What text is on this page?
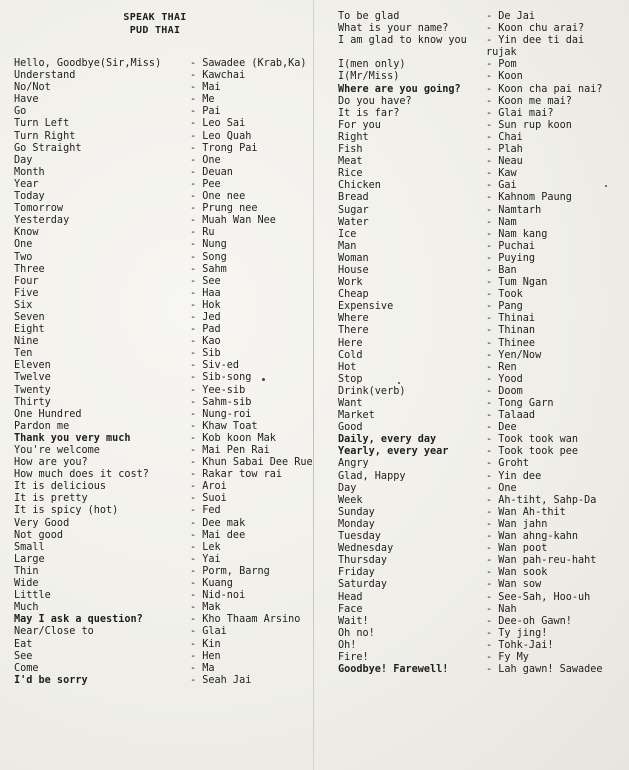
SPEAK THAI
PUD THAI
Hello, Goodbye(Sir,Miss)	- Sawadee (Krab,Ka)
Understand	- Kawchai
No/Not	- Mai
Have	- Me
Go	- Pai
Turn Left	- Leo Sai
Turn Right	- Leo Quah
Go Straight	- Trong Pai
Day	- One
Month	- Deuan
Year	- Pee
Today	- One nee
Tomorrow	- Prung nee
Yesterday	- Muah Wan Nee
Know	- Ru
One	- Nung
Two	- Song
Three	- Sahm
Four	- See
Five	- Haa
Six	- Hok
Seven	- Jed
Eight	- Pad
Nine	- Kao
Ten	- Sib
Eleven	- Siv-ed
Twelve	- Sib-song
Twenty	- Yee-sib
Thirty	- Sahm-sib
One Hundred	- Nung-roi
Pardon me	- Khaw Toat
Thank you very much	- Kob koon Mak
You're welcome	- Mai Pen Rai
How are you?	- Khun Sabai Dee Rue
How much does it cost?	- Rakar tow rai
It is delicious	- Aroi
It is pretty	- Suoi
It is spicy (hot)	- Fed
Very Good	- Dee mak
Not good	- Mai dee
Small	- Lek
Large	- Yai
Thin	- Porm, Barng
Wide	- Kuang
Little	- Nid-noi
Much	- Mak
May I ask a question?	- Kho Thaam Arsino
Near/Close to	- Glai
Eat	- Kin
See	- Hen
Come	- Ma
I'd be sorry	- Seah Jai
To be glad	- De Jai
What is your name?	- Koon chu arai?
I am glad to know you	- Yin dee ti dai
rujak
I(men only)	- Pom
I(Mr/Miss)	- Koon
Where are you going?	- Koon cha pai nai?
Do you have?	- Koon me mai?
It is far?	- Glai mai?
For you	- Sun rup koon
Right	- Chai
Fish	- Plah
Meat	- Neau
Rice	- Kaw
Chicken	- Gai
Bread	- Kahnom Paung
Sugar	- Namtarh
Water	- Nam
Ice	- Nam kang
Man	- Puchai
Woman	- Puying
House	- Ban
Work	- Tum Ngan
Cheap	- Took
Expensive	- Pang
Where	- Thinai
There	- Thinan
Here	- Thinee
Cold	- Yen/Now
Hot	- Ren
Stop	- Yood
Drink(verb)	- Doom
Want	- Tong Garn
Market	- Talaad
Good	- Dee
Daily, every day	- Took took wan
Yearly, every year	- Took took pee
Angry	- Groht
Glad, Happy	- Yin dee
Day	- One
Week	- Ah-tiht, Sahp-Da
Sunday	- Wan Ah-thit
Monday	- Wan jahn
Tuesday	- Wan ahng-kahn
Wednesday	- Wan poot
Thursday	- Wan pah-reu-haht
Friday	- Wan sook
Saturday	- Wan sow
Head	- See-Sah, Hoo-uh
Face	- Nah
Wait!	- Dee-oh Gawn!
Oh no!	- Ty jing!
Oh!	- Tohk-Jai!
Fire!	- Fy My
Goodbye! Farewell!	- Lah gawn! Sawadee
